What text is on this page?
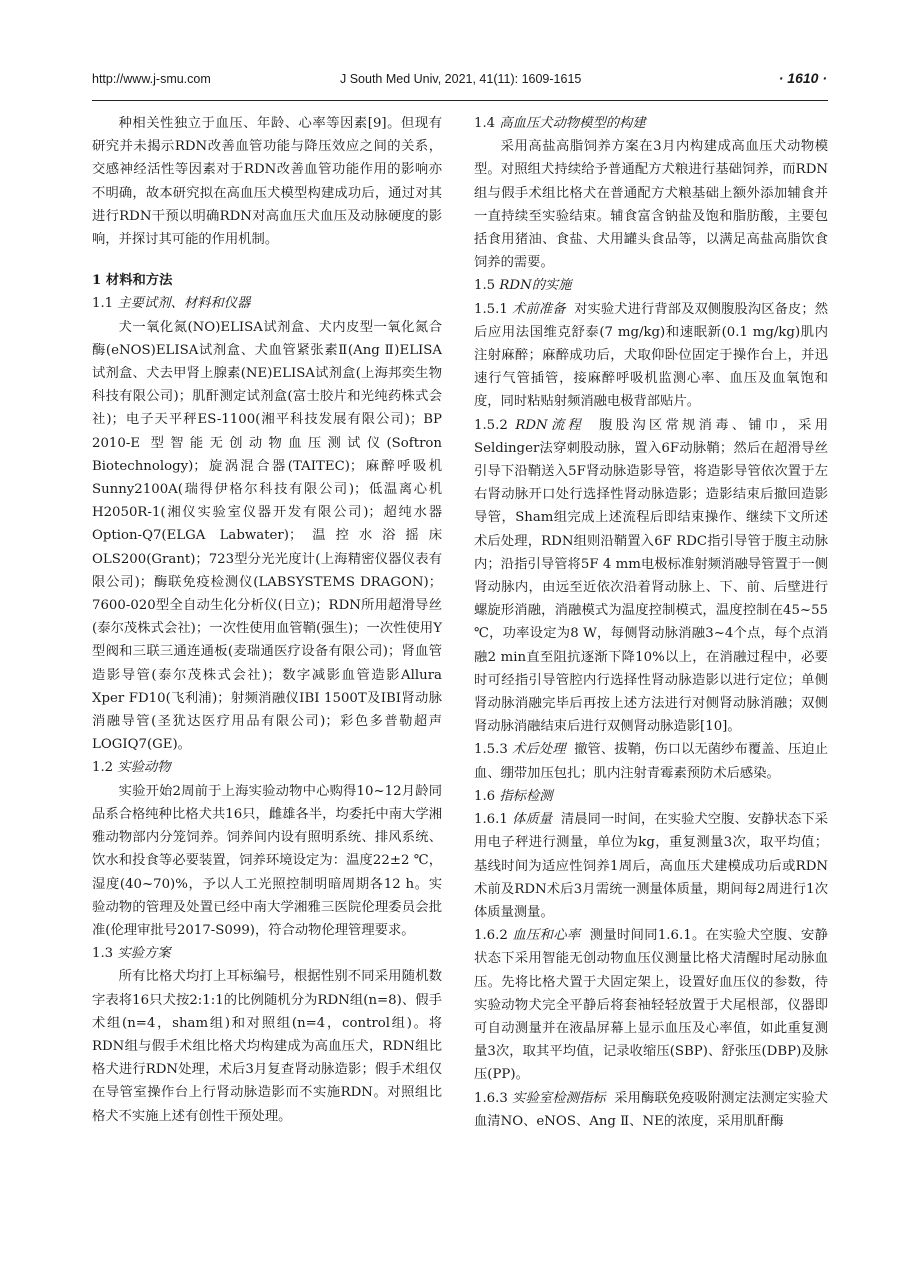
http://www.j-smu.com	J South Med Univ, 2021, 41(11): 1609-1615	· 1610 ·

种相关性独立于血压、年龄、心率等因素[9]。但现有研究并未揭示RDN改善血管功能与降压效应之间的关系，交感神经活性等因素对于RDN改善血管功能作用的影响亦不明确，故本研究拟在高血压犬模型构建成功后，通过对其进行RDN干预以明确RDN对高血压犬血压及动脉硬度的影响，并探讨其可能的作用机制。

1 材料和方法
1.1 主要试剂、材料和仪器

犬一氧化氮(NO)ELISA试剂盒、犬内皮型一氧化氮合酶(eNOS)ELISA试剂盒、犬血管紧张素Ⅱ(Ang Ⅱ)ELISA试剂盒、犬去甲肾上腺素(NE)ELISA试剂盒(上海邦奕生物科技有限公司)；肌酐测定试剂盒(富士胶片和光纯药株式会社)；电子天平秤ES-1100(湘平科技发展有限公司)；BP 2010-E 型智能无创动物血压测试仪(Softron Biotechnology)；旋涡混合器(TAITEC)；麻醉呼吸机Sunny2100A(瑞得伊格尔科技有限公司)；低温离心机H2050R-1(湘仪实验室仪器开发有限公司)；超纯水器Option-Q7(ELGA Labwater)；温控水浴摇床OLS200(Grant)；723型分光光度计(上海精密仪器仪表有限公司)；酶联免疫检测仪(LABSYSTEMS DRAGON)；7600-020型全自动生化分析仪(日立)；RDN所用超滑导丝(泰尔茂株式会社)；一次性使用血管鞘(强生)；一次性使用Y型阀和三联三通连通板(麦瑞通医疗设备有限公司)；肾血管造影导管(泰尔茂株式会社)；数字减影血管造影Allura Xper FD10(飞利浦)；射频消融仪IBI 1500T及IBI肾动脉消融导管(圣犹达医疗用品有限公司)；彩色多普勒超声LOGIQ7(GE)。

1.2 实验动物

实验开始2周前于上海实验动物中心购得10~12月龄同品系合格纯种比格犬共16只，雌雄各半，均委托中南大学湘雅动物部内分笼饲养。饲养间内设有照明系统、排风系统、饮水和投食等必要装置，饲养环境设定为：温度22±2 ℃，湿度(40~70)%，予以人工光照控制明暗周期各12 h。实验动物的管理及处置已经中南大学湘雅三医院伦理委员会批准(伦理审批号2017-S099)，符合动物伦理管理要求。

1.3 实验方案

所有比格犬均打上耳标编号，根据性别不同采用随机数字表将16只犬按2:1:1的比例随机分为RDN组(n=8)、假手术组(n=4，sham组)和对照组(n=4，control组)。将RDN组与假手术组比格犬均构建成为高血压犬，RDN组比格犬进行RDN处理，术后3月复查肾动脉造影；假手术组仅在导管室操作台上行肾动脉造影而不实施RDN。对照组比格犬不实施上述有创性干预处理。

1.4 高血压犬动物模型的构建

采用高盐高脂饲养方案在3月内构建成高血压犬动物模型。对照组犬持续给予普通配方犬粮进行基础饲养，而RDN组与假手术组比格犬在普通配方犬粮基础上额外添加辅食并一直持续至实验结束。辅食富含钠盐及饱和脂肪酸，主要包括食用猪油、食盐、犬用罐头食品等，以满足高盐高脂饮食饲养的需要。

1.5 RDN的实施

1.5.1 术前准备 对实验犬进行背部及双侧腹股沟区备皮；然后应用法国维克舒泰(7 mg/kg)和速眠新(0.1 mg/kg)肌内注射麻醉；麻醉成功后，犬取仰卧位固定于操作台上，并迅速行气管插管，接麻醉呼吸机监测心率、血压及血氧饱和度，同时粘贴射频消融电极背部贴片。

1.5.2 RDN流程 腹股沟区常规消毒、铺巾，采用Seldinger法穿刺股动脉，置入6F动脉鞘；然后在超滑导丝引导下沿鞘送入5F肾动脉造影导管，将造影导管依次置于左右肾动脉开口处行选择性肾动脉造影；造影结束后撤回造影导管，Sham组完成上述流程后即结束操作、继续下文所述术后处理，RDN组则沿鞘置入6F RDC指引导管于腹主动脉内；沿指引导管将5F 4 mm电极标准射频消融导管置于一侧肾动脉内，由远至近依次沿着肾动脉上、下、前、后壁进行螺旋形消融，消融模式为温度控制模式，温度控制在45~55 ℃，功率设定为8 W，每侧肾动脉消融3~4个点，每个点消融2 min直至阻抗逐渐下降10%以上，在消融过程中，必要时可经指引导管腔内行选择性肾动脉造影以进行定位；单侧肾动脉消融完毕后再按上述方法进行对侧肾动脉消融；双侧肾动脉消融结束后进行双侧肾动脉造影[10]。

1.5.3 术后处理 撤管、拔鞘，伤口以无菌纱布覆盖、压迫止血、绷带加压包扎；肌内注射青霉素预防术后感染。

1.6 指标检测

1.6.1 体质量 清晨同一时间，在实验犬空腹、安静状态下采用电子秤进行测量，单位为kg，重复测量3次，取平均值；基线时间为适应性饲养1周后，高血压犬建模成功后或RDN术前及RDN术后3月需统一测量体质量，期间每2周进行1次体质量测量。

1.6.2 血压和心率 测量时间同1.6.1。在实验犬空腹、安静状态下采用智能无创动物血压仪测量比格犬清醒时尾动脉血压。先将比格犬置于犬固定架上，设置好血压仪的参数，待实验动物犬完全平静后将套袖轻轻放置于犬尾根部，仪器即可自动测量并在液晶屏幕上显示血压及心率值，如此重复测量3次，取其平均值，记录收缩压(SBP)、舒张压(DBP)及脉压(PP)。

1.6.3 实验室检测指标 采用酶联免疫吸附测定法测定实验犬血清NO、eNOS、Ang Ⅱ、NE的浓度，采用肌酐酶
